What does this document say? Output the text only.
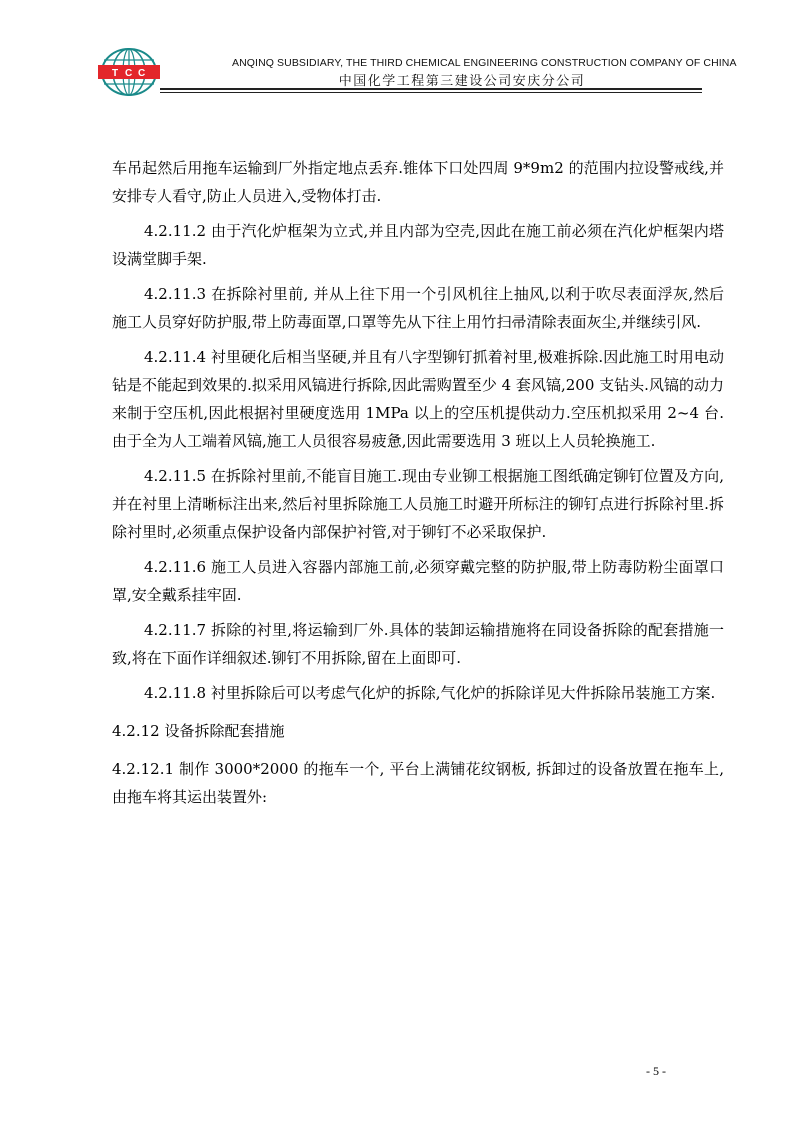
T C C
ANQINQ SUBSIDIARY, THE THIRD CHEMICAL ENGINEERING CONSTRUCTION COMPANY OF CHINA
中国化学工程第三建设公司安庆分公司

车吊起然后用拖车运输到厂外指定地点丢弃.锥体下口处四周 9*9m2 的范围内拉设警戒线,并安排专人看守,防止人员进入,受物体打击.

4.2.11.2 由于汽化炉框架为立式,并且内部为空壳,因此在施工前必须在汽化炉框架内塔设满堂脚手架.

4.2.11.3 在拆除衬里前, 并从上往下用一个引风机往上抽风,以利于吹尽表面浮灰,然后施工人员穿好防护服,带上防毒面罩,口罩等先从下往上用竹扫帚清除表面灰尘,并继续引风.

4.2.11.4 衬里硬化后相当坚硬,并且有八字型铆钉抓着衬里,极难拆除.因此施工时用电动钻是不能起到效果的.拟采用风镐进行拆除,因此需购置至少 4 套风镐,200 支钻头.风镐的动力来制于空压机,因此根据衬里硬度选用 1MPa 以上的空压机提供动力.空压机拟采用 2~4 台.由于全为人工端着风镐,施工人员很容易疲惫,因此需要选用 3 班以上人员轮换施工.

4.2.11.5 在拆除衬里前,不能盲目施工.现由专业铆工根据施工图纸确定铆钉位置及方向,并在衬里上清晰标注出来,然后衬里拆除施工人员施工时避开所标注的铆钉点进行拆除衬里.拆除衬里时,必须重点保护设备内部保护衬管,对于铆钉不必采取保护.

4.2.11.6 施工人员进入容器内部施工前,必须穿戴完整的防护服,带上防毒防粉尘面罩口罩,安全戴系挂牢固.

4.2.11.7 拆除的衬里,将运输到厂外.具体的装卸运输措施将在同设备拆除的配套措施一致,将在下面作详细叙述.铆钉不用拆除,留在上面即可.

4.2.11.8 衬里拆除后可以考虑气化炉的拆除,气化炉的拆除详见大件拆除吊装施工方案.

4.2.12 设备拆除配套措施

4.2.12.1 制作 3000*2000 的拖车一个, 平台上满铺花纹钢板, 拆卸过的设备放置在拖车上, 由拖车将其运出装置外:

- 5 -
